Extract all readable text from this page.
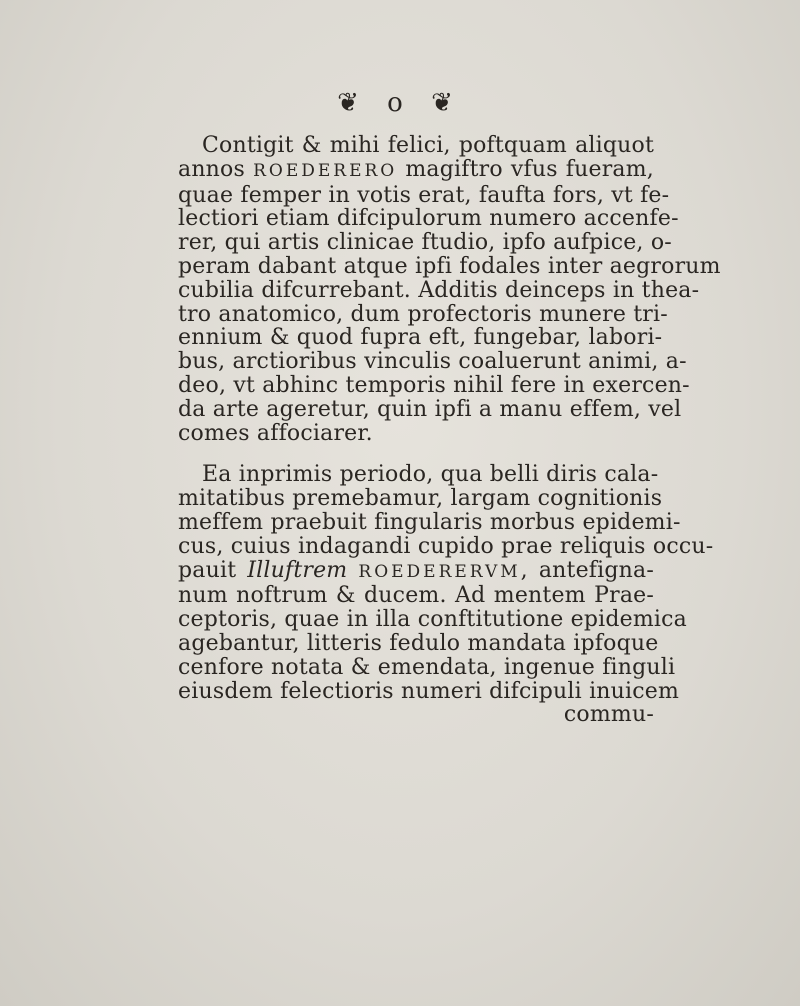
❦ o ❦
Contigit & mihi felici, poftquam aliquot
annos ROEDERERO magiftro vfus fueram,
quae femper in votis erat, faufta fors, vt fe-
lectiori etiam difcipulorum numero accenfe-
rer, qui artis clinicae ftudio, ipfo aufpice, o-
peram dabant atque ipfi fodales inter aegrorum
cubilia difcurrebant. Additis deinceps in thea-
tro anatomico, dum profectoris munere tri-
ennium & quod fupra eft, fungebar, labori-
bus, arctioribus vinculis coaluerunt animi, a-
deo, vt abhinc temporis nihil fere in exercen-
da arte ageretur, quin ipfi a manu effem, vel
comes affociarer.
Ea inprimis periodo, qua belli diris cala-
mitatibus premebamur, largam cognitionis
meffem praebuit fingularis morbus epidemi-
cus, cuius indagandi cupido prae reliquis occu-
pauit Illuftrem ROEDERERVM, antefigna-
num noftrum & ducem. Ad mentem Prae-
ceptoris, quae in illa conftitutione epidemica
agebantur, litteris fedulo mandata ipfoque
cenfore notata & emendata, ingenue finguli
eiusdem felectioris numeri difcipuli inuicem
commu-
